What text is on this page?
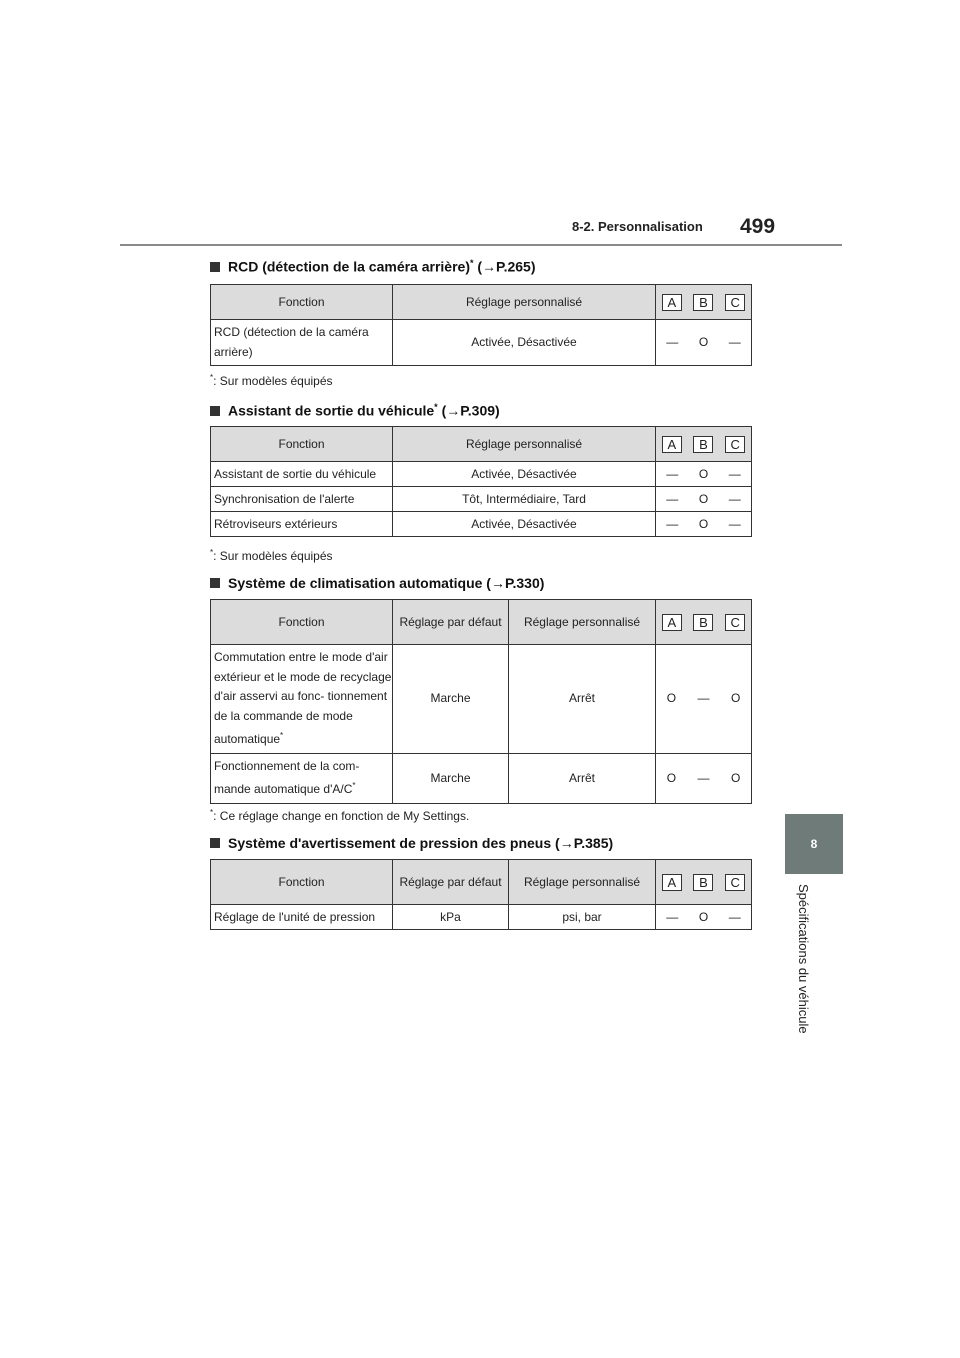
8-2. Personnalisation 499
8
Spécifications du véhicule
RCD (détection de la caméra arrière)* (→P.265)
Fonction	Réglage personnalisé	A B C

RCD (détection de la caméra arrière)	Activée, Désactivée	— O —
*: Sur modèles équipés
Assistant de sortie du véhicule* (→P.309)
Fonction	Réglage personnalisé	A B C

Assistant de sortie du véhicule	Activée, Désactivée	— O —

Synchronisation de l'alerte	Tôt, Intermédiaire, Tard	— O —

Rétroviseurs extérieurs	Activée, Désactivée	— O —
*: Sur modèles équipés
Système de climatisation automatique (→P.330)
Fonction	Réglage par défaut	Réglage personnalisé	A B C

Commutation entre le mode d'air extérieur et le mode de recyclage d'air asservi au fonc- tionnement de la commande de mode automatique*	Marche	Arrêt	O — O

Fonctionnement de la com- mande automatique d'A/C*	Marche	Arrêt	O — O
*: Ce réglage change en fonction de My Settings.
Système d'avertissement de pression des pneus (→P.385)
Fonction	Réglage par défaut	Réglage personnalisé	A B C

Réglage de l'unité de pression	kPa	psi, bar	— O —
